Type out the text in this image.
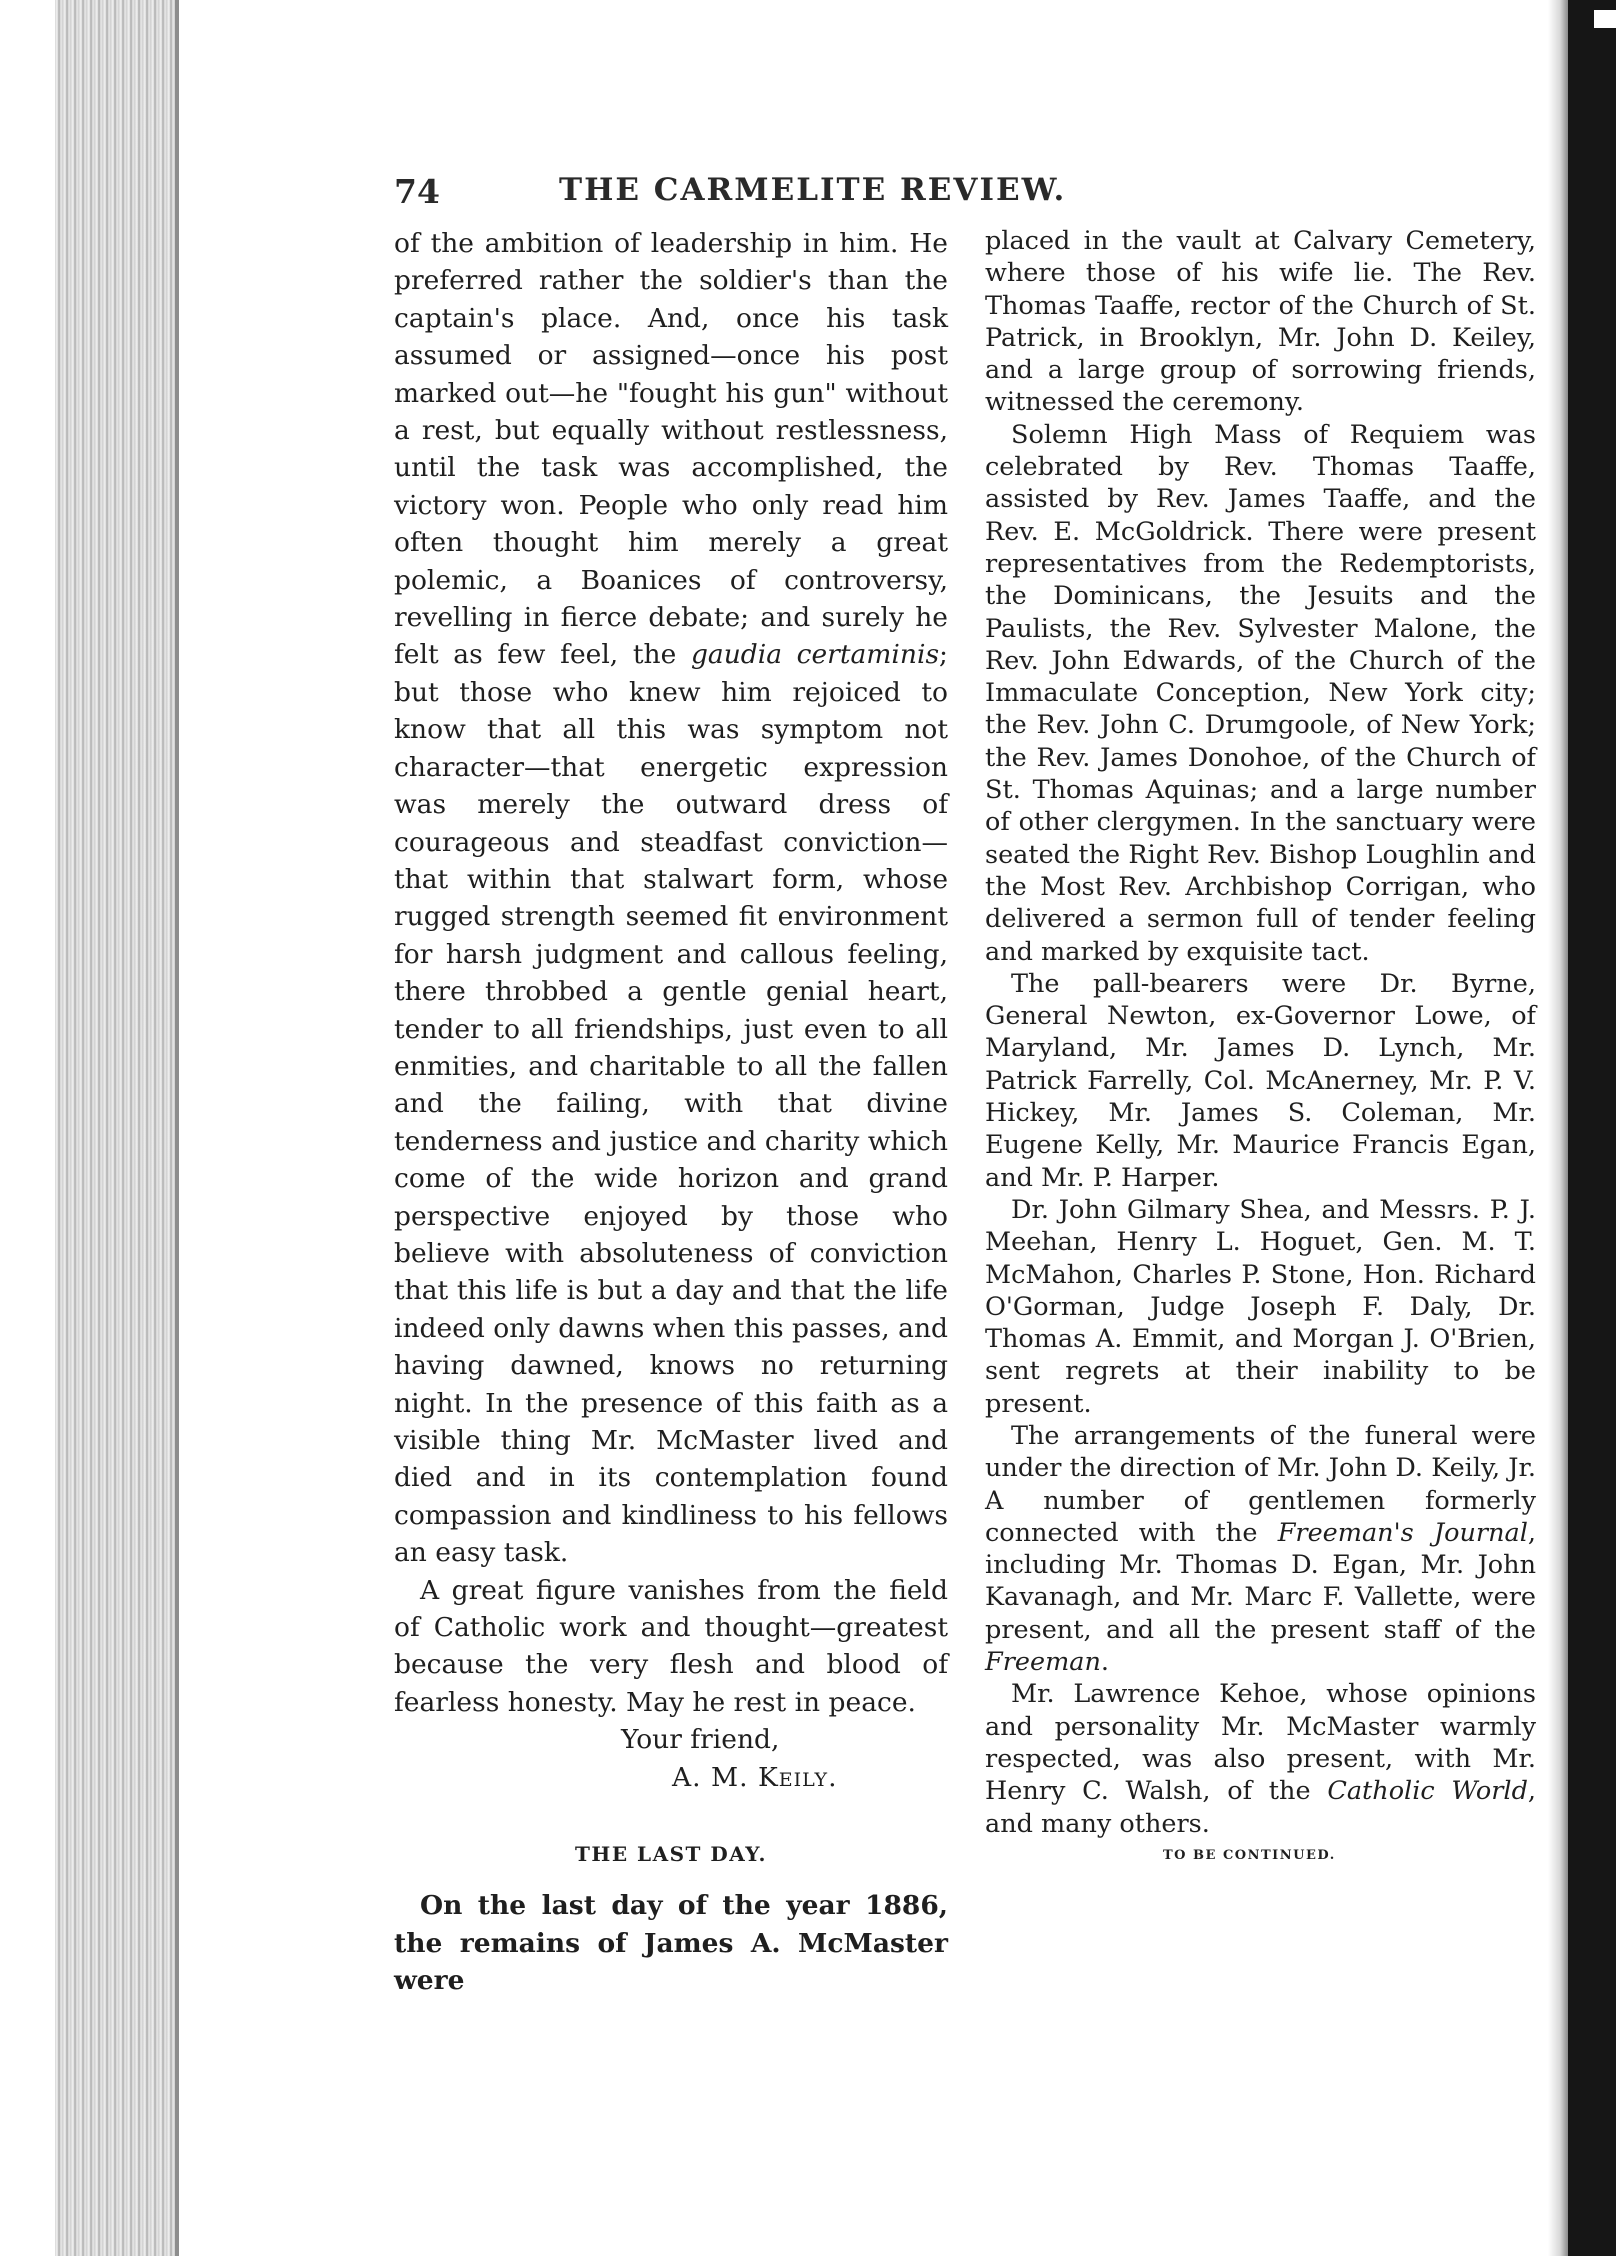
74	THE CARMELITE REVIEW.

of the ambition of leadership in him. He preferred rather the soldier's than the captain's place. And, once his task assumed or assigned—once his post marked out—he "fought his gun" without a rest, but equally without restlessness, until the task was accomplished, the victory won. People who only read him often thought him merely a great polemic, a Boanices of controversy, revelling in fierce debate; and surely he felt as few feel, the gaudia certaminis; but those who knew him rejoiced to know that all this was symptom not character—that energetic expression was merely the outward dress of courageous and steadfast conviction—that within that stalwart form, whose rugged strength seemed fit environment for harsh judgment and callous feeling, there throbbed a gentle genial heart, tender to all friendships, just even to all enmities, and charitable to all the fallen and the failing, with that divine tenderness and justice and charity which come of the wide horizon and grand perspective enjoyed by those who believe with absoluteness of conviction that this life is but a day and that the life indeed only dawns when this passes, and having dawned, knows no returning night. In the presence of this faith as a visible thing Mr. McMaster lived and died and in its contemplation found compassion and kindliness to his fellows an easy task.

A great figure vanishes from the field of Catholic work and thought—greatest because the very flesh and blood of fearless honesty. May he rest in peace.

Your friend,

A. M. Keily.

THE LAST DAY.

On the last day of the year 1886, the remains of James A. McMaster were

placed in the vault at Calvary Cemetery, where those of his wife lie. The Rev. Thomas Taaffe, rector of the Church of St. Patrick, in Brooklyn, Mr. John D. Keiley, and a large group of sorrowing friends, witnessed the ceremony.

Solemn High Mass of Requiem was celebrated by Rev. Thomas Taaffe, assisted by Rev. James Taaffe, and the Rev. E. McGoldrick. There were present representatives from the Redemptorists, the Dominicans, the Jesuits and the Paulists, the Rev. Sylvester Malone, the Rev. John Edwards, of the Church of the Immaculate Conception, New York city; the Rev. John C. Drumgoole, of New York; the Rev. James Donohoe, of the Church of St. Thomas Aquinas; and a large number of other clergymen. In the sanctuary were seated the Right Rev. Bishop Loughlin and the Most Rev. Archbishop Corrigan, who delivered a sermon full of tender feeling and marked by exquisite tact.

The pall-bearers were Dr. Byrne, General Newton, ex-Governor Lowe, of Maryland, Mr. James D. Lynch, Mr. Patrick Farrelly, Col. McAnerney, Mr. P. V. Hickey, Mr. James S. Coleman, Mr. Eugene Kelly, Mr. Maurice Francis Egan, and Mr. P. Harper.

Dr. John Gilmary Shea, and Messrs. P. J. Meehan, Henry L. Hoguet, Gen. M. T. McMahon, Charles P. Stone, Hon. Richard O'Gorman, Judge Joseph F. Daly, Dr. Thomas A. Emmit, and Morgan J. O'Brien, sent regrets at their inability to be present.

The arrangements of the funeral were under the direction of Mr. John D. Keily, Jr. A number of gentlemen formerly connected with the Freeman's Journal, including Mr. Thomas D. Egan, Mr. John Kavanagh, and Mr. Marc F. Vallette, were present, and all the present staff of the Freeman.

Mr. Lawrence Kehoe, whose opinions and personality Mr. McMaster warmly respected, was also present, with Mr. Henry C. Walsh, of the Catholic World, and many others.

TO BE CONTINUED.
